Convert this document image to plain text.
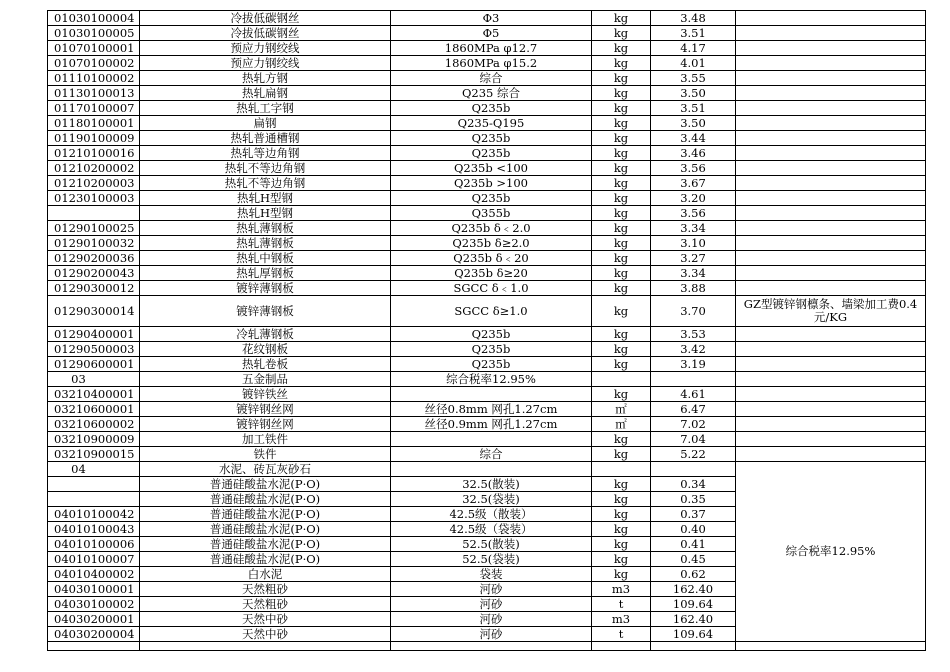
01030100004	冷拔低碳钢丝	Φ3	kg	3.48	
01030100005	冷拔低碳钢丝	Φ5	kg	3.51	
01070100001	预应力钢绞线	1860MPa φ12.7	kg	4.17	
01070100002	预应力钢绞线	1860MPa φ15.2	kg	4.01	
01110100002	热轧方钢	综合	kg	3.55	
01130100013	热轧扁钢	Q235 综合	kg	3.50	
01170100007	热轧工字钢	Q235b	kg	3.51	
01180100001	扁钢	Q235-Q195	kg	3.50	
01190100009	热轧普通槽钢	Q235b	kg	3.44	
01210100016	热轧等边角钢	Q235b	kg	3.46	
01210200002	热轧不等边角钢	Q235b <100	kg	3.56	
01210200003	热轧不等边角钢	Q235b >100	kg	3.67	
01230100003	热轧H型钢	Q235b	kg	3.20	
	热轧H型钢	Q355b	kg	3.56	
01290100025	热轧薄钢板	Q235b δ﹤2.0	kg	3.34	
01290100032	热轧薄钢板	Q235b δ≥2.0	kg	3.10	
01290200036	热轧中钢板	Q235b δ﹤20	kg	3.27	
01290200043	热轧厚钢板	Q235b δ≥20	kg	3.34	
01290300012	镀锌薄钢板	SGCC δ﹤1.0	kg	3.88	
01290300014	镀锌薄钢板	SGCC δ≥1.0	kg	3.70	GZ型镀锌钢檩条、墙梁加工费0.4元/KG
01290400001	冷轧薄钢板	Q235b	kg	3.53	
01290500003	花纹钢板	Q235b	kg	3.42	
01290600001	热轧卷板	Q235b	kg	3.19	
03	五金制品	综合税率12.95%			
03210400001	镀锌铁丝		kg	4.61	
03210600001	镀锌钢丝网	丝径0.8mm 网孔1.27cm	㎡	6.47	
03210600002	镀锌钢丝网	丝径0.9mm 网孔1.27cm	㎡	7.02	
03210900009	加工铁件		kg	7.04	
03210900015	铁件	综合	kg	5.22	
04	水泥、砖瓦灰砂石				综合税率12.95%
	普通硅酸盐水泥(P·O)	32.5(散装)	kg	0.34	
	普通硅酸盐水泥(P·O)	32.5(袋装)	kg	0.35	
04010100042	普通硅酸盐水泥(P·O)	42.5级（散装）	kg	0.37	
04010100043	普通硅酸盐水泥(P·O)	42.5级（袋装）	kg	0.40	
04010100006	普通硅酸盐水泥(P·O)	52.5(散装)	kg	0.41	
04010100007	普通硅酸盐水泥(P·O)	52.5(袋装)	kg	0.45	
04010400002	白水泥	袋装	kg	0.62	
04030100001	天然粗砂	河砂	m3	162.40	
04030100002	天然粗砂	河砂	t	109.64	
04030200001	天然中砂	河砂	m3	162.40	
04030200004	天然中砂	河砂	t	109.64	
